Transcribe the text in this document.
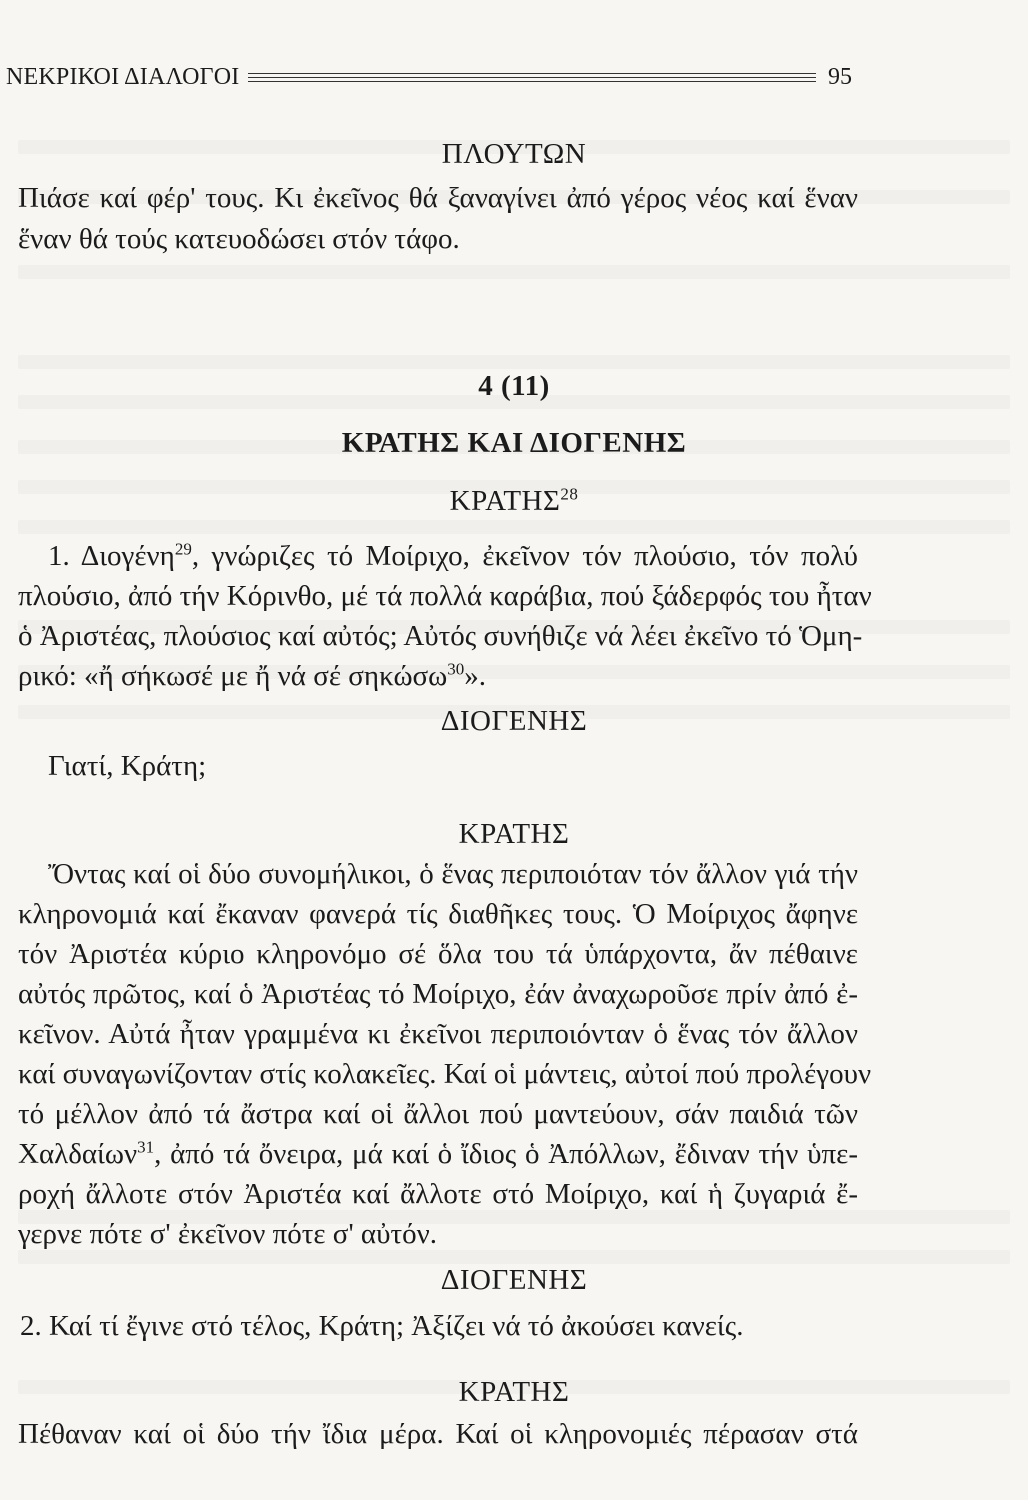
ΝΕΚΡΙΚΟΙ ΔΙΑΛΟΓΟΙ	95
ΠΛΟΥΤΩΝ
Πιάσε καί φέρ' τους. Κι ἐκεῖνος θά ξαναγίνει ἀπό γέρος νέος καί ἕναν
ἕναν θά τούς κατευοδώσει στόν τάφο.
4 (11)
ΚΡΑΤΗΣ ΚΑΙ ΔΙΟΓΕΝΗΣ
ΚΡΑΤΗΣ$^{28}$
1. Διογένη$^{29}$, γνώριζες τό Μοίριχο, ἐκεῖνον τόν πλούσιο, τόν πολύ
πλούσιο, ἀπό τήν Κόρινθο, μέ τά πολλά καράβια, πού ξάδερφός του ἦταν
ὁ Ἀριστέας, πλούσιος καί αὐτός; Αὐτός συνήθιζε νά λέει ἐκεῖνο τό Ὁμη-
ρικό: «ἤ σήκωσέ με ἤ νά σέ σηκώσω$^{30}$».
ΔΙΟΓΕΝΗΣ
Γιατί, Κράτη;
ΚΡΑΤΗΣ
Ὄντας καί οἱ δύο συνομήλικοι, ὁ ἕνας περιποιόταν τόν ἄλλον γιά τήν
κληρονομιά καί ἔκαναν φανερά τίς διαθῆκες τους. Ὁ Μοίριχος ἄφηνε
τόν Ἀριστέα κύριο κληρονόμο σέ ὅλα του τά ὑπάρχοντα, ἄν πέθαινε
αὐτός πρῶτος, καί ὁ Ἀριστέας τό Μοίριχο, ἐάν ἀναχωροῦσε πρίν ἀπό ἐ-
κεῖνον. Αὐτά ἦταν γραμμένα κι ἐκεῖνοι περιποιόνταν ὁ ἕνας τόν ἄλλον
καί συναγωνίζονταν στίς κολακεῖες. Καί οἱ μάντεις, αὐτοί πού προλέγουν
τό μέλλον ἀπό τά ἄστρα καί οἱ ἄλλοι πού μαντεύουν, σάν παιδιά τῶν
Χαλδαίων$^{31}$, ἀπό τά ὄνειρα, μά καί ὁ ἴδιος ὁ Ἀπόλλων, ἔδιναν τήν ὑπε-
ροχή ἄλλοτε στόν Ἀριστέα καί ἄλλοτε στό Μοίριχο, καί ἡ ζυγαριά ἔ-
γερνε πότε σ' ἐκεῖνον πότε σ' αὐτόν.
ΔΙΟΓΕΝΗΣ
2. Καί τί ἔγινε στό τέλος, Κράτη; Ἀξίζει νά τό ἀκούσει κανείς.
ΚΡΑΤΗΣ
Πέθαναν καί οἱ δύο τήν ἴδια μέρα. Καί οἱ κληρονομιές πέρασαν στά
